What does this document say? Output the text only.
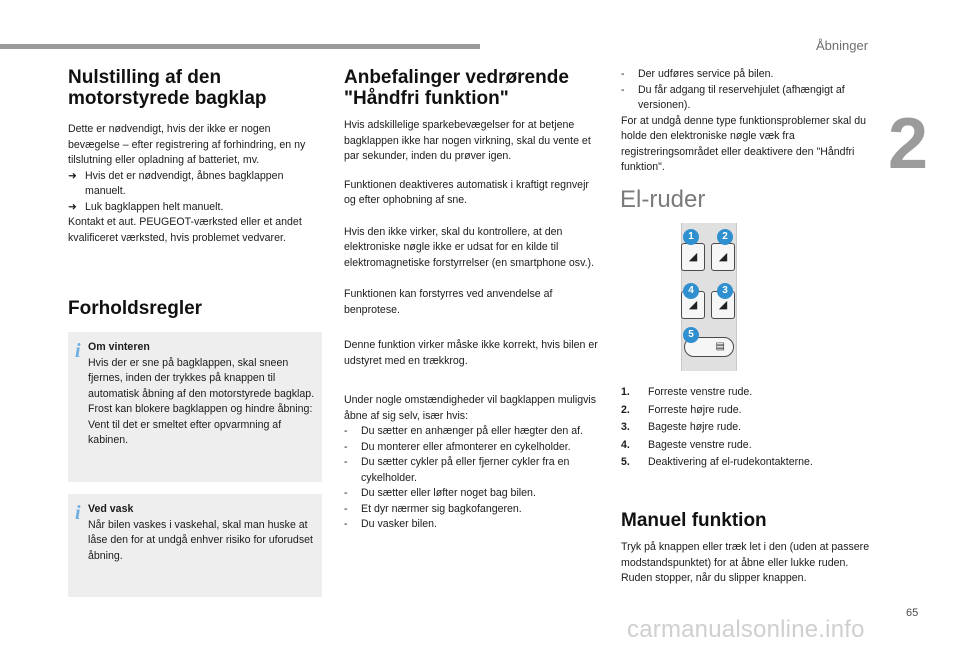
Åbninger
2
65
Nulstilling af den motorstyrede bagklap

Dette er nødvendigt, hvis der ikke er nogen bevægelse – efter registrering af forhindring, en ny tilslutning eller opladning af batteriet, mv.

➜ Hvis det er nødvendigt, åbnes bagklappen manuelt.
➜ Luk bagklappen helt manuelt.

Kontakt et aut. PEUGEOT-værksted eller et andet kvalificeret værksted, hvis problemet vedvarer.

Forholdsregler
i Om vinteren
Hvis der er sne på bagklappen, skal sneen fjernes, inden der trykkes på knappen til automatisk åbning af den motorstyrede bagklap.
Frost kan blokere bagklappen og hindre åbning: Vent til det er smeltet efter opvarmning af kabinen.
i Ved vask
Når bilen vaskes i vaskehal, skal man huske at låse den for at undgå enhver risiko for uforudset åbning.
Anbefalinger vedrørende "Håndfri funktion"

Hvis adskillelige sparkebevægelser for at betjene bagklappen ikke har nogen virkning, skal du vente et par sekunder, inden du prøver igen.

Funktionen deaktiveres automatisk i kraftigt regnvejr og efter ophobning af sne.

Hvis den ikke virker, skal du kontrollere, at den elektroniske nøgle ikke er udsat for en kilde til elektromagnetiske forstyrrelser (en smartphone osv.).

Funktionen kan forstyrres ved anvendelse af benprotese.

Denne funktion virker måske ikke korrekt, hvis bilen er udstyret med en trækkrog.

Under nogle omstændigheder vil bagklappen muligvis åbne af sig selv, især hvis:

- Du sætter en anhænger på eller hægter den af.
- Du monterer eller afmonterer en cykelholder.
- Du sætter cykler på eller fjerner cykler fra en cykelholder.
- Du sætter eller løfter noget bag bilen.
- Et dyr nærmer sig bagkofangeren.
- Du vasker bilen.
- Der udføres service på bilen.
- Du får adgang til reservehjulet (afhængigt af versionen).

For at undgå denne type funktionsproblemer skal du holde den elektroniske nøgle væk fra registreringsområdet eller deaktivere den "Håndfri funktion".

El-ruder
◢	◢
◢	◢
▤
1	2
3
4
5
1. Forreste venstre rude.
2. Forreste højre rude.
3. Bageste højre rude.
4. Bageste venstre rude.
5. Deaktivering af el-rudekontakterne.
Manuel funktion
Tryk på knappen eller træk let i den (uden at passere modstandspunktet) for at åbne eller lukke ruden. Ruden stopper, når du slipper knappen.
carmanualsonline.info
